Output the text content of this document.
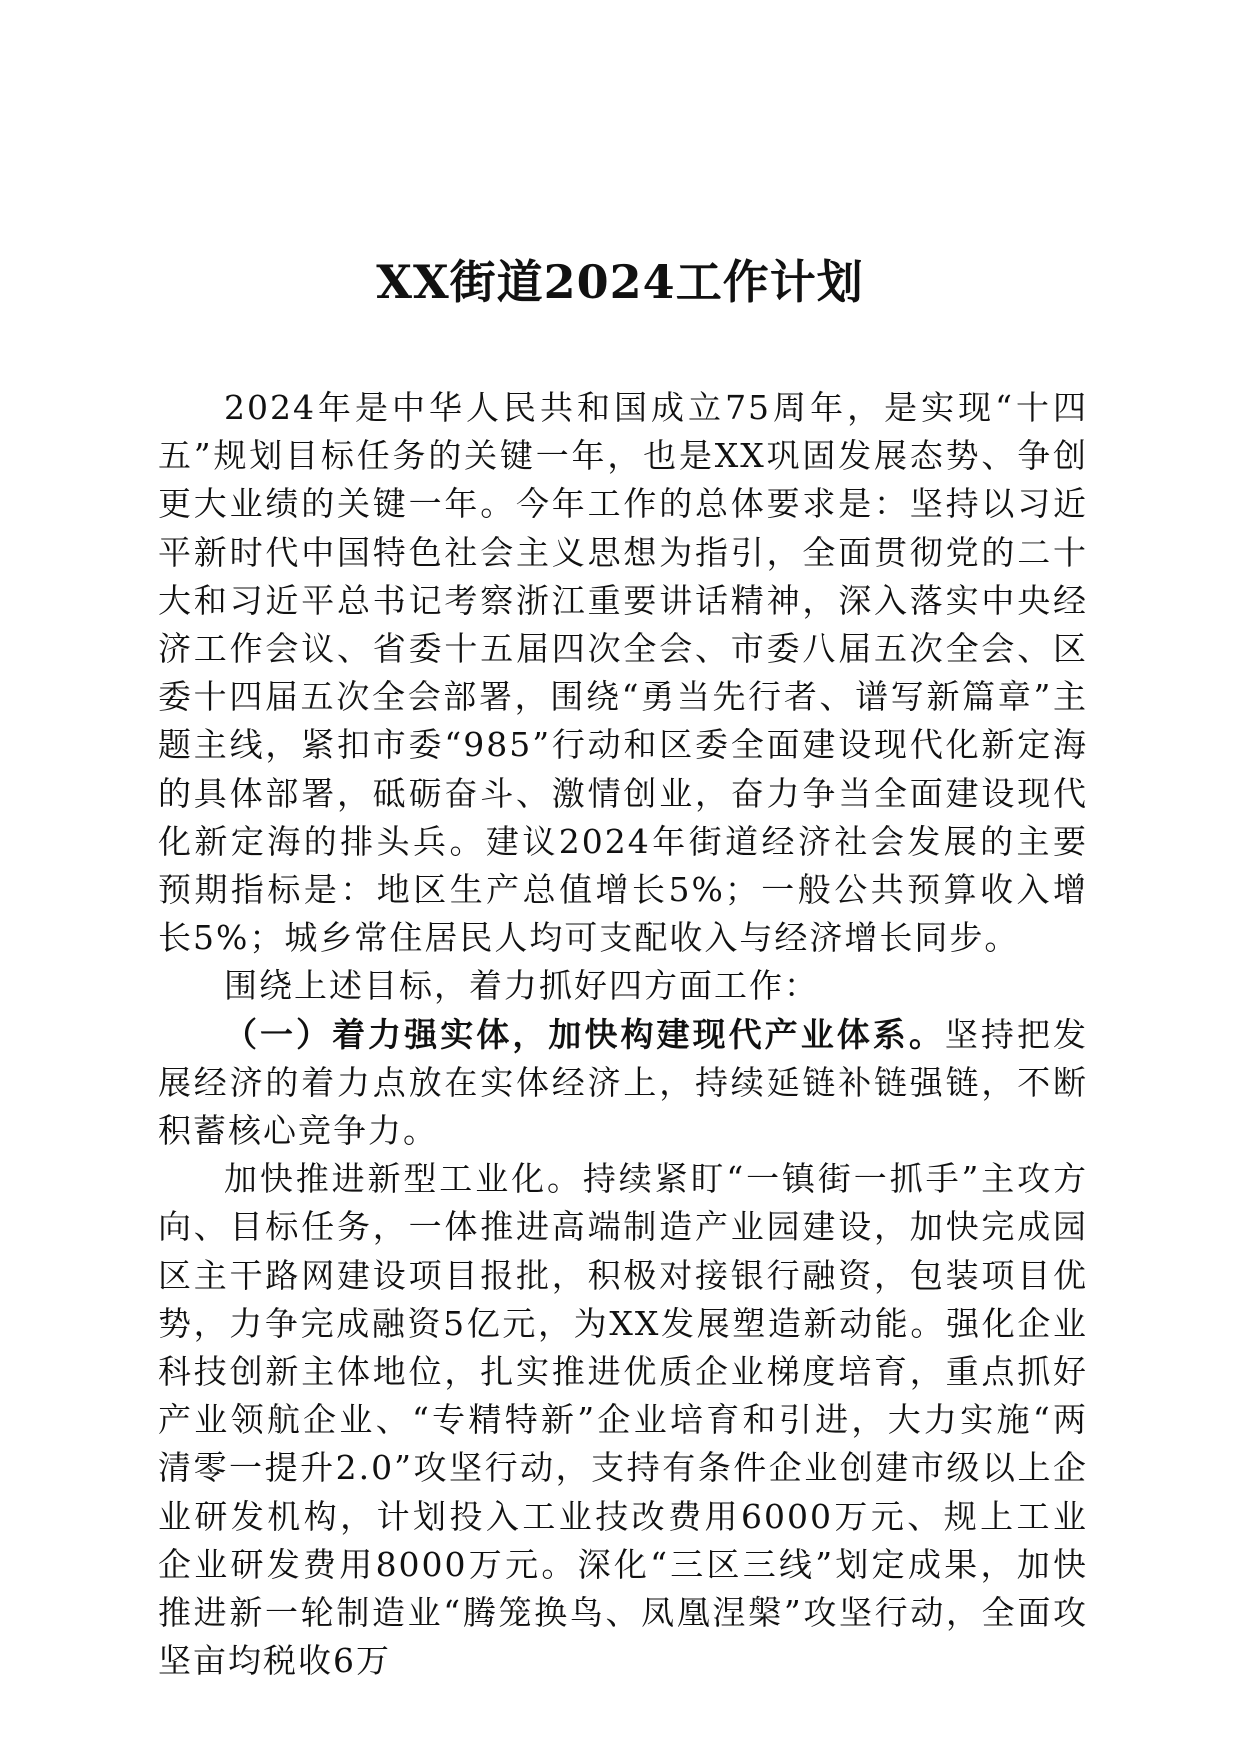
XX街道2024工作计划

2024年是中华人民共和国成立75周年，是实现“十四五”规划目标任务的关键一年，也是XX巩固发展态势、争创更大业绩的关键一年。今年工作的总体要求是：坚持以习近平新时代中国特色社会主义思想为指引，全面贯彻党的二十大和习近平总书记考察浙江重要讲话精神，深入落实中央经济工作会议、省委十五届四次全会、市委八届五次全会、区委十四届五次全会部署，围绕“勇当先行者、谱写新篇章”主题主线，紧扣市委“985”行动和区委全面建设现代化新定海的具体部署，砥砺奋斗、激情创业，奋力争当全面建设现代化新定海的排头兵。建议2024年街道经济社会发展的主要预期指标是：地区生产总值增长5%；一般公共预算收入增长5%；城乡常住居民人均可支配收入与经济增长同步。

围绕上述目标，着力抓好四方面工作：

（一）着力强实体，加快构建现代产业体系。坚持把发展经济的着力点放在实体经济上，持续延链补链强链，不断积蓄核心竞争力。

加快推进新型工业化。持续紧盯“一镇街一抓手”主攻方向、目标任务，一体推进高端制造产业园建设，加快完成园区主干路网建设项目报批，积极对接银行融资，包装项目优势，力争完成融资5亿元，为XX发展塑造新动能。强化企业科技创新主体地位，扎实推进优质企业梯度培育，重点抓好产业领航企业、“专精特新”企业培育和引进，大力实施“两清零一提升2.0”攻坚行动，支持有条件企业创建市级以上企业研发机构，计划投入工业技改费用6000万元、规上工业企业研发费用8000万元。深化“三区三线”划定成果，加快推进新一轮制造业“腾笼换鸟、凤凰涅槃”攻坚行动，全面攻坚亩均税收6万
